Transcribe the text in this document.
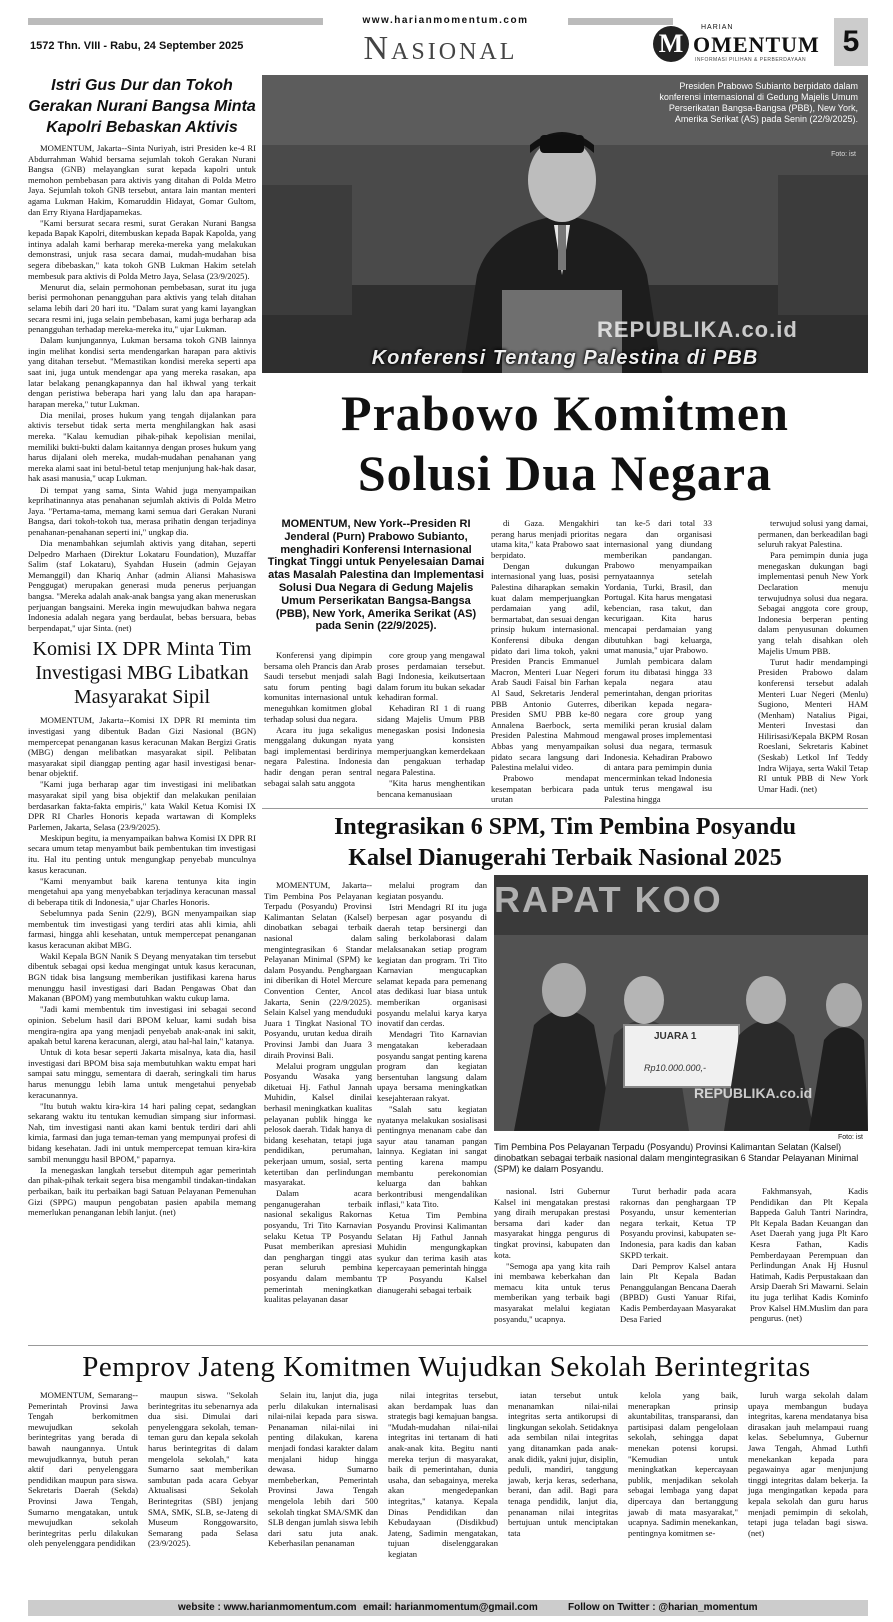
www.harianmomentum.com
1572 Thn. VIII - Rabu, 24 September 2025	Nasional	M
HARIAN
OMENTUM
INFORMASI PILIHAN & PERBERDAYAAN
5
Istri Gus Dur dan Tokoh Gerakan Nurani Bangsa Minta Kapolri Bebaskan Aktivis

MOMENTUM, Jakarta--Sinta Nuriyah, istri Presiden ke-4 RI Abdurrahman Wahid bersama sejumlah tokoh Gerakan Nurani Bangsa (GNB) melayangkan surat kepada kapolri untuk memohon pembebasan para aktivis yang ditahan di Polda Metro Jaya. Sejumlah tokoh GNB tersebut, antara lain mantan menteri agama Lukman Hakim, Komaruddin Hidayat, Gomar Gultom, dan Erry Riyana Hardjapamekas.

"Kami bersurat secara resmi, surat Gerakan Nurani Bangsa kepada Bapak Kapolri, ditembuskan kepada Bapak Kapolda, yang intinya adalah kami berharap mereka-mereka yang melakukan demonstrasi, unjuk rasa secara damai, mudah-mudahan bisa segera dibebaskan," kata tokoh GNB Lukman Hakim setelah membesuk para aktivis di Polda Metro Jaya, Selasa (23/9/2025).

Menurut dia, selain permohonan pembebasan, surat itu juga berisi permohonan penangguhan para aktivis yang telah ditahan selama lebih dari 20 hari itu. "Dalam surat yang kami layangkan secara resmi ini, juga selain pembebasan, kami juga berharap ada penangguhan terhadap mereka-mereka itu," ujar Lukman.

Dalam kunjungannya, Lukman bersama tokoh GNB lainnya ingin melihat kondisi serta mendengarkan harapan para aktivis yang ditahan tersebut. "Memastikan kondisi mereka seperti apa saat ini, juga untuk mendengar apa yang mereka rasakan, apa latar belakang penangkapannya dan hal ikhwal yang terkait dengan peristiwa beberapa hari yang lalu dan apa harapan-harapan mereka," tutur Lukman.

Dia menilai, proses hukum yang tengah dijalankan para aktivis tersebut tidak serta merta menghilangkan hak asasi mereka. "Kalau kemudian pihak-pihak kepolisian menilai, memiliki bukti-bukti dalam kaitannya dengan proses hukum yang harus dijalani oleh mereka, mudah-mudahan penahanan yang mereka alami saat ini betul-betul tetap menjunjung hak-hak dasar, hak asasi manusia," ucap Lukman.

Di tempat yang sama, Sinta Wahid juga menyampaikan keprihatinannya atas penahanan sejumlah aktivis di Polda Metro Jaya. "Pertama-tama, memang kami semua dari Gerakan Nurani Bangsa, dari tokoh-tokoh tua, merasa prihatin dengan terjadinya penahanan-penahanan seperti ini," ungkap dia.

Dia menambahkan sejumlah aktivis yang ditahan, seperti Delpedro Marhaen (Direktur Lokataru Foundation), Muzaffar Salim (staf Lokataru), Syahdan Husein (admin Gejayan Memanggil) dan Khariq Anhar (admin Aliansi Mahasiswa Penggugat) merupakan generasi muda penerus perjuangan bangsa. "Mereka adalah anak-anak bangsa yang akan meneruskan perjuangan bangsaini. Mereka ingin mewujudkan bahwa negara Indonesia adalah negara yang berdaulat, bebas bersuara, bebas berpendapat," ujar Sinta. (net)

Komisi IX DPR Minta Tim Investigasi MBG Libatkan Masyarakat Sipil

MOMENTUM, Jakarta--Komisi IX DPR RI meminta tim investigasi yang dibentuk Badan Gizi Nasional (BGN) mempercepat penanganan kasus keracunan Makan Bergizi Gratis (MBG) dengan melibatkan masyarakat sipil. Pelibatan masyarakat sipil dianggap penting agar hasil investigasi benar-benar objektif.

"Kami juga berharap agar tim investigasi ini melibatkan masyarakat sipil yang bisa objektif dan melakukan penilaian berdasarkan fakta-fakta empiris," kata Wakil Ketua Komisi IX DPR RI Charles Honoris kepada wartawan di Kompleks Parlemen, Jakarta, Selasa (23/9/2025).

Meskipun begitu, ia menyampaikan bahwa Komisi IX DPR RI secara umum tetap menyambut baik pembentukan tim investigasi itu. Hal itu penting untuk mengungkap penyebab munculnya kasus keracunan.

"Kami menyambut baik karena tentunya kita ingin mengetahui apa yang menyebabkan terjadinya keracunan massal di beberapa titik di Indonesia," ujar Charles Honoris.

Sebelumnya pada Senin (22/9), BGN menyampaikan siap membentuk tim investigasi yang terdiri atas ahli kimia, ahli farmasi, hingga ahli kesehatan, untuk mempercepat penanganan kasus keracunan akibat MBG.

Wakil Kepala BGN Nanik S Deyang menyatakan tim tersebut dibentuk sebagai opsi kedua mengingat untuk kasus keracunan, BGN tidak bisa langsung memberikan justifikasi karena harus menunggu hasil investigasi dari Badan Pengawas Obat dan Makanan (BPOM) yang membutuhkan waktu cukup lama.

"Jadi kami membentuk tim investigasi ini sebagai second opinion. Sebelum hasil dari BPOM keluar, kami sudah bisa mengira-ngira apa yang menjadi penyebab anak-anak ini sakit, apakah betul karena keracunan, alergi, atau hal-hal lain," katanya.

Untuk di kota besar seperti Jakarta misalnya, kata dia, hasil investigasi dari BPOM bisa saja membutuhkan waktu empat hari sampai satu minggu, sementara di daerah, seringkali tim harus harus menunggu lebih lama untuk mengetahui penyebab keracunannya.

"Itu butuh waktu kira-kira 14 hari paling cepat, sedangkan sekarang waktu itu tentukan kemudian simpang siur informasi. Nah, tim investigasi nanti akan kami bentuk terdiri dari ahli kimia, farmasi dan juga teman-teman yang mempunyai profesi di bidang kesehatan. Jadi ini untuk mempercepat temuan kira-kira sambil menunggu hasil BPOM," paparnya.

Ia menegaskan langkah tersebut ditempuh agar pemerintah dan pihak-pihak terkait segera bisa mengambil tindakan-tindakan perbaikan, baik itu perbaikan bagi Satuan Pelayanan Pemenuhan Gizi (SPPG) maupun pengobatan pasien apabila memang memerlukan penanganan lebih lanjut. (net)

Presiden Prabowo Subianto berpidato dalam konferensi internasional di Gedung Majelis Umum Perserikatan Bangsa-Bangsa (PBB), New York, Amerika Serikat (AS) pada Senin (22/9/2025).
Foto: ist
REPUBLIKA.co.id
Konferensi Tentang Palestina di PBB
Prabowo Komitmen
Solusi Dua Negara
MOMENTUM, New York--Presiden RI Jenderal (Purn) Prabowo Subianto, menghadiri Konferensi Internasional Tingkat Tinggi untuk Penyelesaian Damai atas Masalah Palestina dan Implementasi Solusi Dua Negara di Gedung Majelis Umum Perserikatan Bangsa-Bangsa (PBB), New York, Amerika Serikat (AS) pada Senin (22/9/2025).

Konferensi yang dipimpin bersama oleh Prancis dan Arab Saudi tersebut menjadi salah satu forum penting bagi komunitas internasional untuk meneguhkan komitmen global terhadap solusi dua negara.

Acara itu juga sekaligus menggalang dukungan nyata bagi implementasi berdirinya negara Palestina. Indonesia hadir dengan peran sentral sebagai salah satu anggota

core group yang mengawal proses perdamaian tersebut. Bagi Indonesia, keikutsertaan dalam forum itu bukan sekadar kehadiran formal.

Kehadiran RI 1 di ruang sidang Majelis Umum PBB menegaskan posisi Indonesia yang konsisten memperjuangkan kemerdekaan dan pengakuan terhadap negara Palestina.

"Kita harus menghentikan bencana kemanusiaan

di Gaza. Mengakhiri perang harus menjadi prioritas utama kita," kata Prabowo saat berpidato.

Dengan dukungan internasional yang luas, posisi Palestina diharapkan semakin kuat dalam memperjuangkan perdamaian yang adil, bermartabat, dan sesuai dengan prinsip hukum internasional. Konferensi dibuka dengan pidato dari lima tokoh, yakni Presiden Prancis Emmanuel Macron, Menteri Luar Negeri Arab Saudi Faisal bin Farhan Al Saud, Sekretaris Jenderal PBB Antonio Guterres, Presiden SMU PBB ke-80 Annalena Baerbock, serta Presiden Palestina Mahmoud Abbas yang menyampaikan pidato secara langsung dari Palestina melalui video.

Prabowo mendapat kesempatan berbicara pada urutan

tan ke-5 dari total 33 negara dan organisasi internasional yang diundang memberikan pandangan. Prabowo menyampaikan pernyataannya setelah Yordania, Turki, Brasil, dan Portugal. Kita harus mengatasi kebencian, rasa takut, dan kecurigaan. Kita harus mencapai perdamaian yang dibutuhkan bagi keluarga, umat manusia," ujar Prabowo.

Jumlah pembicara dalam forum itu dibatasi hingga 33 kepala negara atau pemerintahan, dengan prioritas diberikan kepada negara-negara core group yang memiliki peran krusial dalam mengawal proses implementasi solusi dua negara, termasuk Indonesia. Kehadiran Prabowo di antara para pemimpin dunia mencerminkan tekad Indonesia untuk terus mengawal isu Palestina hingga

terwujud solusi yang damai, permanen, dan berkeadilan bagi seluruh rakyat Palestina.

Para pemimpin dunia juga menegaskan dukungan bagi implementasi penuh New York Declaration menuju terwujudnya solusi dua negara. Sebagai anggota core group, Indonesia berperan penting dalam penyusunan dokumen yang telah disahkan oleh Majelis Umum PBB.

Turut hadir mendampingi Presiden Prabowo dalam konferensi tersebut adalah Menteri Luar Negeri (Menlu) Sugiono, Menteri HAM (Menham) Natalius Pigai, Menteri Investasi dan Hilirisasi/Kepala BKPM Rosan Roeslani, Sekretaris Kabinet (Seskab) Letkol Inf Teddy Indra Wijaya, serta Wakil Tetap RI untuk PBB di New York Umar Hadi. (net)

Integrasikan 6 SPM, Tim Pembina Posyandu
Kalsel Dianugerahi Terbaik Nasional 2025

MOMENTUM, Jakarta--Tim Pembina Pos Pelayanan Terpadu (Posyandu) Provinsi Kalimantan Selatan (Kalsel) dinobatkan sebagai terbaik nasional dalam mengintegrasikan 6 Standar Pelayanan Minimal (SPM) ke dalam Posyandu. Penghargaan ini diberikan di Hotel Mercure Convention Center, Ancol Jakarta, Senin (22/9/2025). Selain Kalsel yang menduduki Juara 1 Tingkat Nasional TO Posyandu, urutan kedua diraih Provinsi Jambi dan Juara 3 diraih Provinsi Bali.

Melalui program unggulan Posyandu Wasaka yang diketuai Hj. Fathul Jannah Muhidin, Kalsel dinilai berhasil meningkatkan kualitas pelayanan publik hingga ke pelosok daerah. Tidak hanya di bidang kesehatan, tetapi juga pendidikan, perumahan, pekerjaan umum, sosial, serta ketertiban dan perlindungan masyarakat.

Dalam acara penganugerahan terbaik nasional sekaligus Rakornas posyandu, Tri Tito Karnavian selaku Ketua TP Posyandu Pusat memberikan apresiasi dan penghargan tinggi atas peran seluruh pembina posyandu dalam membantu pemerintah meningkatkan kualitas pelayanan dasar

melalui program dan kegiatan posyandu.

Istri Mendagri RI itu juga berpesan agar posyandu di daerah tetap bersinergi dan saling berkolaborasi dalam melaksanakan setiap program kegiatan dan program. Tri Tito Karnavian mengucapkan selamat kepada para pemenang atas dedikasi luar biasa untuk memberikan organisasi posyandu melalui karya karya inovatif dan cerdas.

Mendagri Tito Karnavian mengatakan keberadaan posyandu sangat penting karena program dan kegiatan bersentuhan langsung dalam upaya bersama meningkatkan kesejahteraan rakyat.

"Salah satu kegiatan nyatanya melakukan sosialisasi pentingnya menanam cabe dan sayur atau tanaman pangan lainnya. Kegiatan ini sangat penting karena mampu membantu perekonomian keluarga dan bahkan berkontribusi mengendalikan inflasi," kata Tito.

Ketua Tim Pembina Posyandu Provinsi Kalimantan Selatan Hj Fathul Jannah Muhidin mengungkapkan syukur dan terima kasih atas kepercayaan pemerintah hingga TP Posyandu Kalsel dianugerahi sebagai terbaik

RAPAT KOO
JUARA 1
Rp10.000.000,-
REPUBLIKA.co.id
Foto: ist
Tim Pembina Pos Pelayanan Terpadu (Posyandu) Provinsi Kalimantan Selatan (Kalsel) dinobatkan sebagai terbaik nasional dalam mengintegrasikan 6 Standar Pelayanan Minimal (SPM) ke dalam Posyandu.

nasional. Istri Gubernur Kalsel ini mengatakan prestasi yang diraih merupakan prestasi bersama dari kader dan masyarakat hingga pengurus di tingkat provinsi, kabupaten dan kota.

"Semoga apa yang kita raih ini membawa keberkahan dan memacu kita untuk terus memberikan yang terbaik bagi masyarakat melalui kegiatan posyandu," ucapnya.

Turut berhadir pada acara rakornas dan penghargaan TP Posyandu, unsur kementerian negara terkait, Ketua TP Posyandu provinsi, kabupaten se-Indonesia, para kadis dan kaban SKPD terkait.

Dari Pemprov Kalsel antara lain Plt Kepala Badan Penanggulangan Bencana Daerah (BPBD) Gusti Yanuar Rifai, Kadis Pemberdayaan Masyarakat Desa Faried

Fakhmansyah, Kadis Pendidikan dan Plt Kepala Bappeda Galuh Tantri Narindra, Plt Kepala Badan Keuangan dan Aset Daerah yang juga Plt Karo Kesra Fathan, Kadis Pemberdayaan Perempuan dan Perlindungan Anak Hj Husnul Hatimah, Kadis Perpustakaan dan Arsip Daerah Sri Mawarni. Selain itu juga terlihat Kadis Kominfo Prov Kalsel HM.Muslim dan para pengurus. (net)

Pemprov Jateng Komitmen Wujudkan Sekolah Berintegritas

MOMENTUM, Semarang--Pemerintah Provinsi Jawa Tengah berkomitmen mewujudkan sekolah berintegritas yang berada di bawah naungannya. Untuk mewujudkannya, butuh peran aktif dari penyelenggara pendidikan maupun para siswa. Sekretaris Daerah (Sekda) Provinsi Jawa Tengah, Sumarno mengatakan, untuk mewujudkan sekolah berintegritas perlu dilakukan oleh penyelenggara pendidikan

maupun siswa. "Sekolah berintegritas itu sebenarnya ada dua sisi. Dimulai dari penyelenggara sekolah, teman-teman guru dan kepala sekolah harus berintegritas di dalam mengelola sekolah," kata Sumarno saat memberikan sambutan pada acara Gebyar Aktualisasi Sekolah Berintegritas (SBI) jenjang SMA, SMK, SLB, se-Jateng di Museum Ronggowarsito, Semarang pada Selasa (23/9/2025).

Selain itu, lanjut dia, juga perlu dilakukan internalisasi nilai-nilai kepada para siswa. Penanaman nilai-nilai ini penting dilakukan, karena menjadi fondasi karakter dalam menjalani hidup hingga dewasa. Sumarno membeberkan, Pemerintah Provinsi Jawa Tengah mengelola lebih dari 500 sekolah tingkat SMA/SMK dan SLB dengan jumlah siswa lebih dari satu juta anak. Keberhasilan penanaman

nilai integritas tersebut, akan berdampak luas dan strategis bagi kemajuan bangsa. "Mudah-mudahan nilai-nilai integritas ini tertanam di hati anak-anak kita. Begitu nanti mereka terjun di masyarakat, baik di pemerintahan, dunia usaha, dan sebagainya, mereka akan mengedepankan integritas," katanya. Kepala Dinas Pendidikan dan Kebudayaan (Disdikbud) Jateng, Sadimin mengatakan, tujuan diselenggarakan kegiatan

iatan tersebut untuk menanamkan nilai-nilai integritas serta antikorupsi di lingkungan sekolah. Setidaknya ada sembilan nilai integritas yang ditanamkan pada anak-anak didik, yakni jujur, disiplin, peduli, mandiri, tanggung jawab, kerja keras, sederhana, berani, dan adil. Bagi para tenaga pendidik, lanjut dia, penanaman nilai integritas bertujuan untuk menciptakan tata

kelola yang baik, menerapkan prinsip akuntabilitas, transparansi, dan partisipasi dalam pengelolaan sekolah, sehingga dapat menekan potensi korupsi. "Kemudian untuk meningkatkan kepercayaan publik, menjadikan sekolah sebagai lembaga yang dapat dipercaya dan bertanggung jawab di mata masyarakat," ucapnya. Sadimin menekankan, pentingnya komitmen se-

luruh warga sekolah dalam upaya membangun budaya integritas, karena mendatanya bisa dirasakan jauh melampaui ruang kelas. Sebelumnya, Gubernur Jawa Tengah, Ahmad Luthfi menekankan kepada para pegawainya agar menjunjung tinggi integritas dalam bekerja. Ia juga mengingatkan kepada para kepala sekolah dan guru harus menjadi pemimpin di sekolah, tetapi juga teladan bagi siswa. (net)

website : www.harianmomentum.com email: harianmomentum@gmail.com	Follow on Twitter : @harian_momentum
